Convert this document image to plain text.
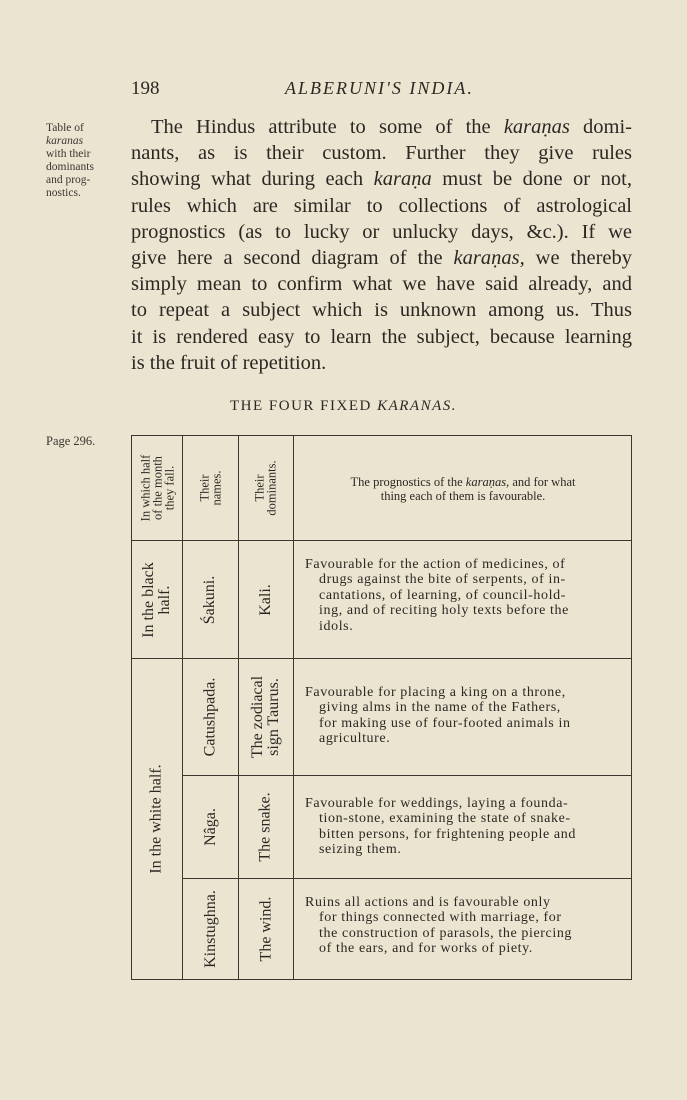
198	ALBERUNI'S INDIA.
Table of
karanas
with their
dominants
and prog-
nostics.
Page 296.
The Hindus attribute to some of the karaṇas domi-
nants, as is their custom. Further they give rules
showing what during each karaṇa must be done or not,
rules which are similar to collections of astrological
prognostics (as to lucky or unlucky days, &c.). If we
give here a second diagram of the karaṇas, we thereby
simply mean to confirm what we have said already, and
to repeat a subject which is unknown among us. Thus
it is rendered easy to learn the subject, because learning
is the fruit of repetition.
THE FOUR FIXED KARANAS.
In which half
of the month
they fall. Their
names. Their
dominants.	The prognostics of the karaṇas, and for what
thing each of them is favourable.
In the black half. Śakuni. Kali.
Favourable for the action of medicines, of
drugs against the bite of serpents, of in-
cantations, of learning, of council-hold-
ing, and of reciting holy texts before the
idols.
In the white half.
Catushpada. The zodiacal sign Taurus. Favourable for placing a king on a throne,
giving alms in the name of the Fathers,
for making use of four-footed animals in
agriculture.
Nâga. The snake. Favourable for weddings, laying a founda-
tion-stone, examining the state of snake-
bitten persons, for frightening people and
seizing them.
Kinstughna. The wind. Ruins all actions and is favourable only
for things connected with marriage, for
the construction of parasols, the piercing
of the ears, and for works of piety.
